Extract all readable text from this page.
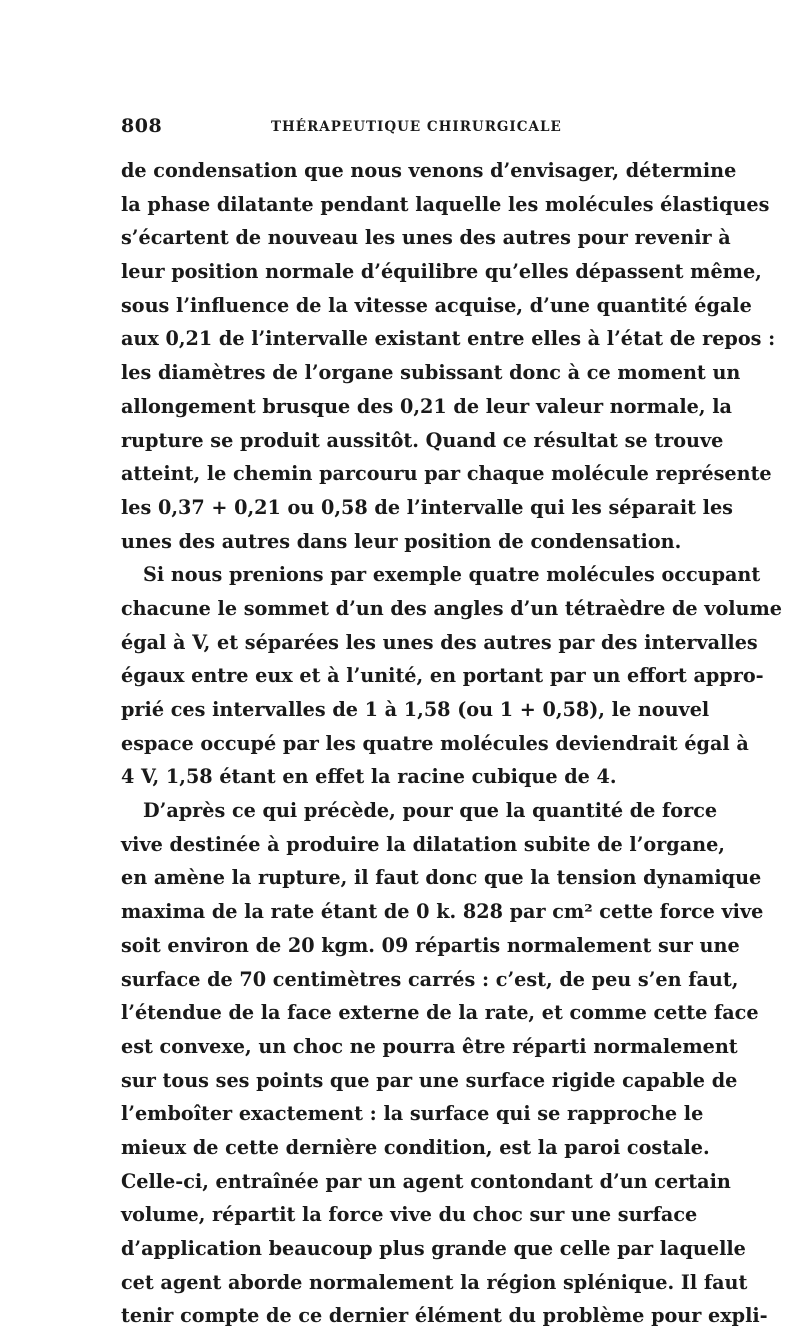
808	THÉRAPEUTIQUE CHIRURGICALE
de condensation que nous venons d’envisager, détermine
la phase dilatante pendant laquelle les molécules élastiques
s’écartent de nouveau les unes des autres pour revenir à
leur position normale d’équilibre qu’elles dépassent même,
sous l’influence de la vitesse acquise, d’une quantité égale
aux 0,21 de l’intervalle existant entre elles à l’état de repos :
les diamètres de l’organe subissant donc à ce moment un
allongement brusque des 0,21 de leur valeur normale, la
rupture se produit aussitôt. Quand ce résultat se trouve
atteint, le chemin parcouru par chaque molécule représente
les 0,37 + 0,21 ou 0,58 de l’intervalle qui les séparait les
unes des autres dans leur position de condensation.
Si nous prenions par exemple quatre molécules occupant
chacune le sommet d’un des angles d’un tétraèdre de volume
égal à V, et séparées les unes des autres par des intervalles
égaux entre eux et à l’unité, en portant par un effort appro-
prié ces intervalles de 1 à 1,58 (ou 1 + 0,58), le nouvel
espace occupé par les quatre molécules deviendrait égal à
4 V, 1,58 étant en effet la racine cubique de 4.
D’après ce qui précède, pour que la quantité de force
vive destinée à produire la dilatation subite de l’organe,
en amène la rupture, il faut donc que la tension dynamique
maxima de la rate étant de 0 k. 828 par cm² cette force vive
soit environ de 20 kgm. 09 répartis normalement sur une
surface de 70 centimètres carrés : c’est, de peu s’en faut,
l’étendue de la face externe de la rate, et comme cette face
est convexe, un choc ne pourra être réparti normalement
sur tous ses points que par une surface rigide capable de
l’emboîter exactement : la surface qui se rapproche le
mieux de cette dernière condition, est la paroi costale.
Celle-ci, entraînée par un agent contondant d’un certain
volume, répartit la force vive du choc sur une surface
d’application beaucoup plus grande que celle par laquelle
cet agent aborde normalement la région splénique. Il faut
tenir compte de ce dernier élément du problème pour expli-
